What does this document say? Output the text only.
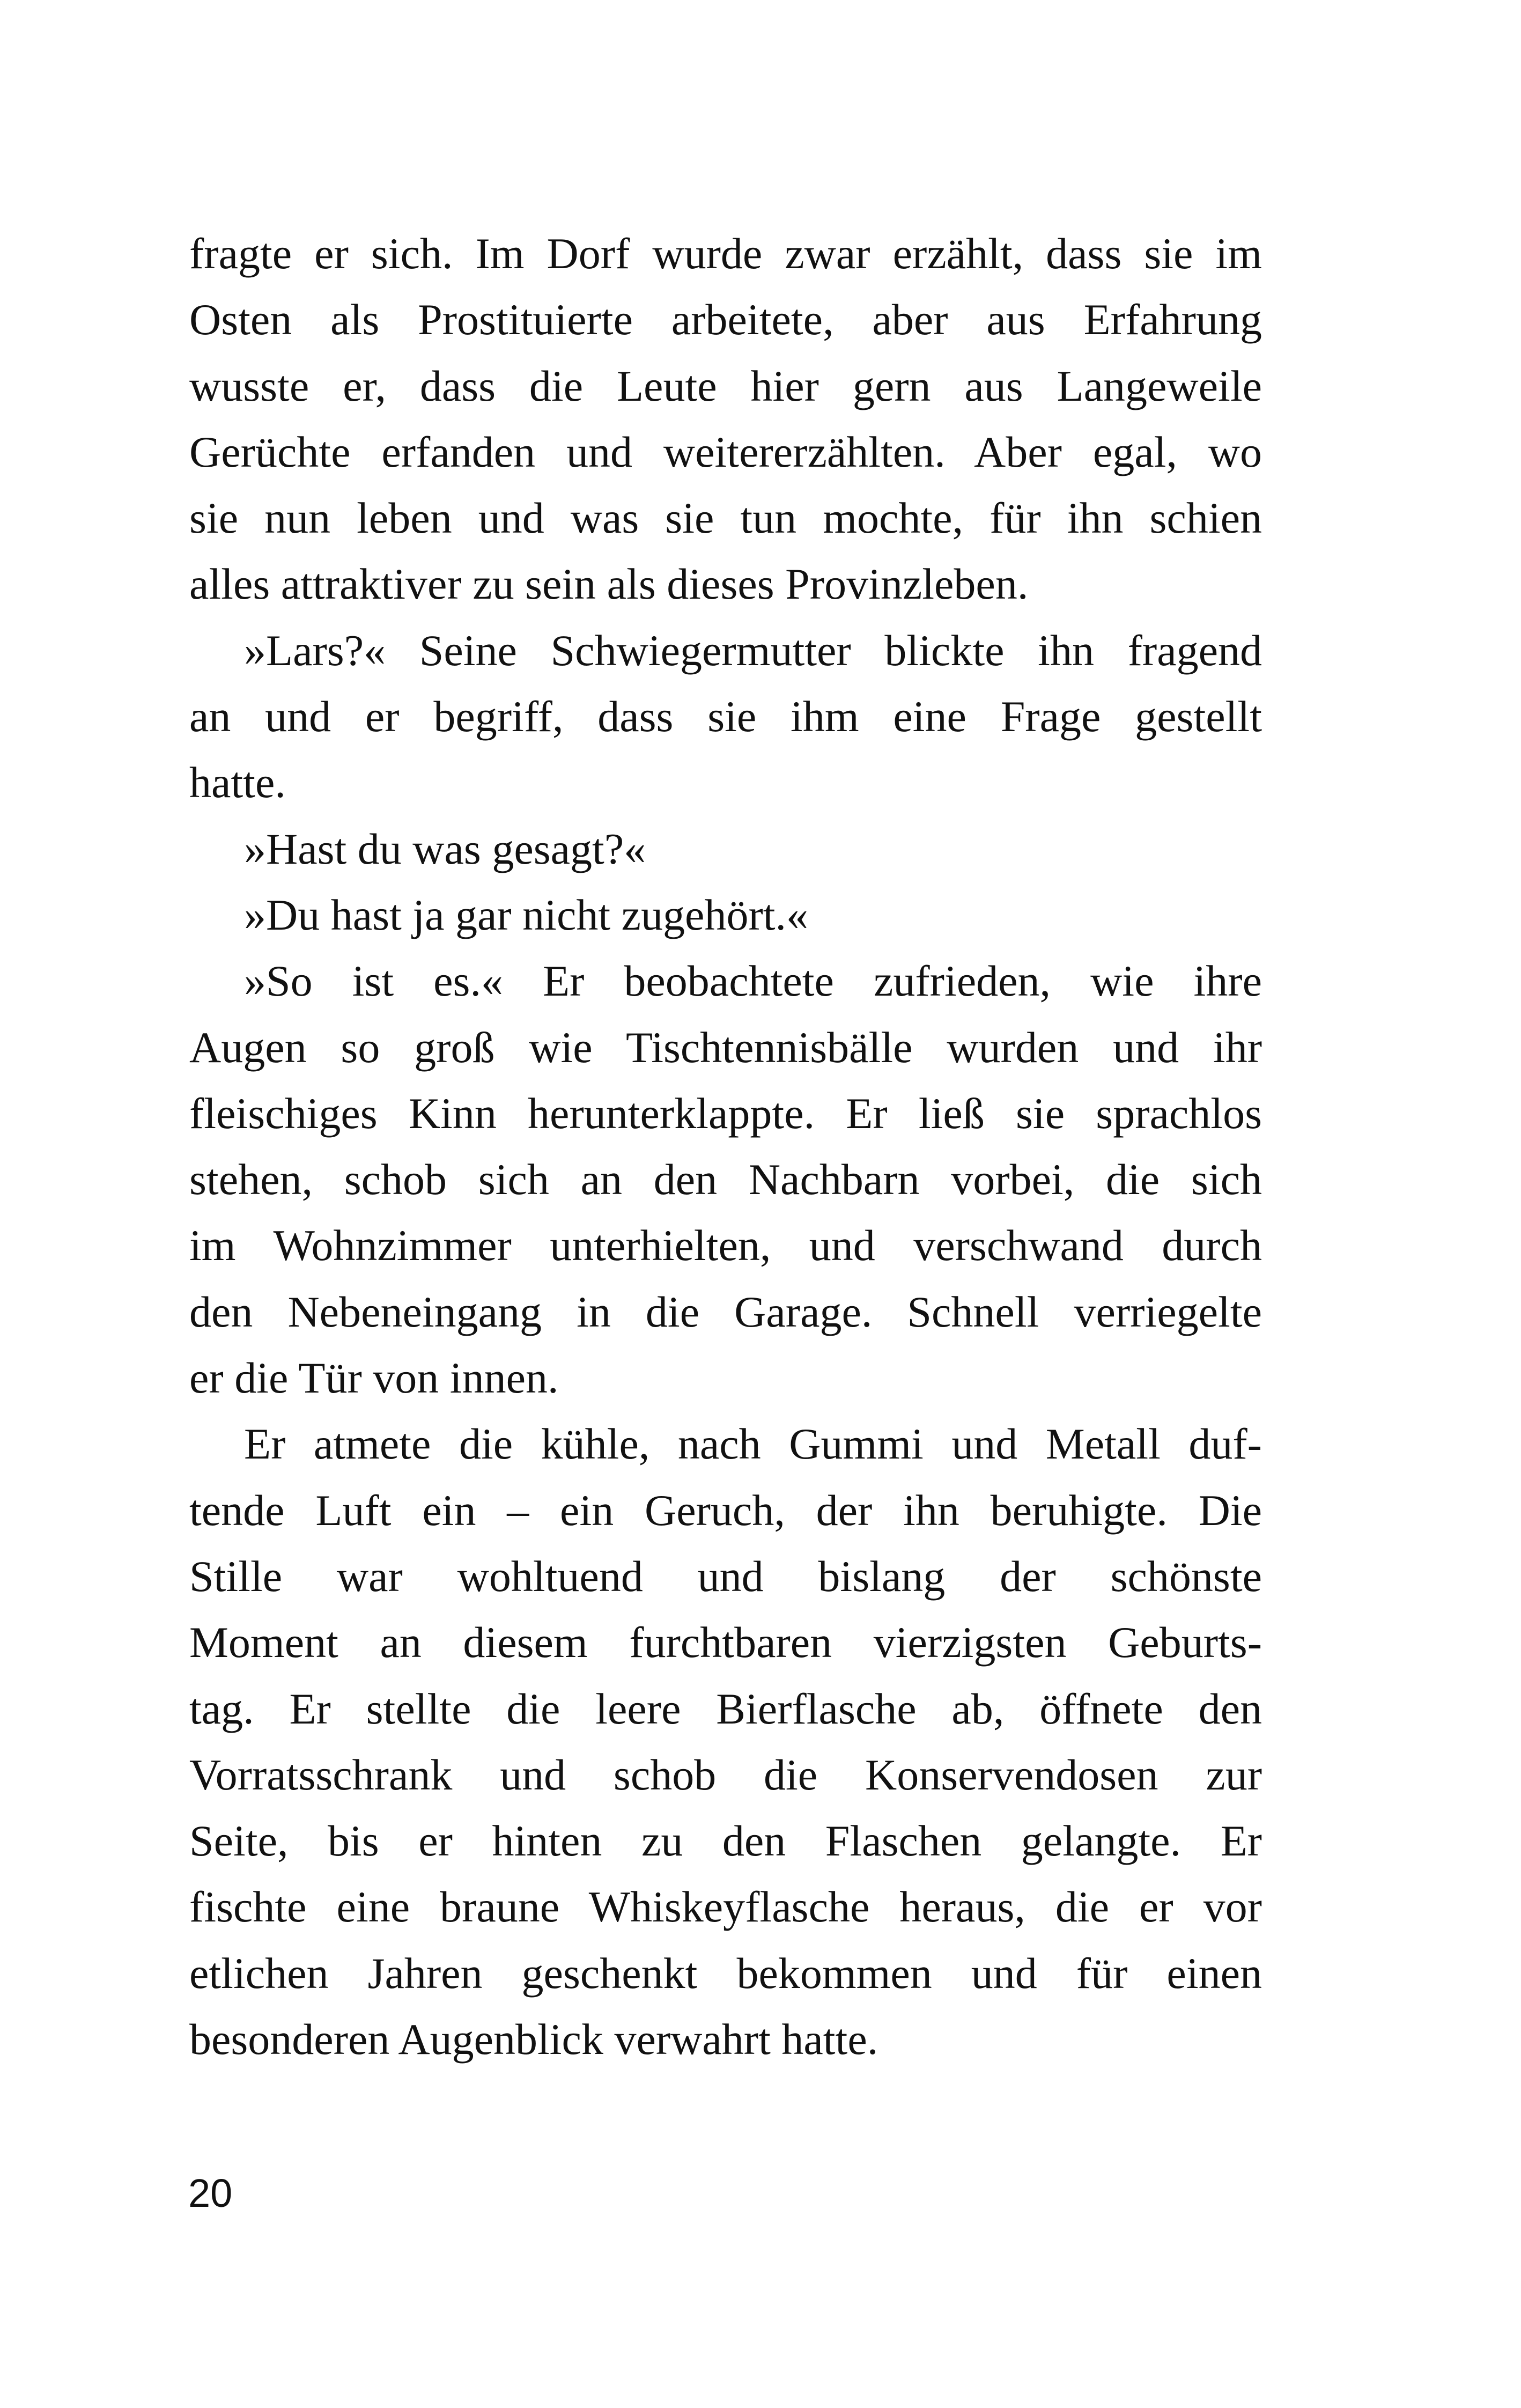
fragte er sich. Im Dorf wurde zwar erzählt, dass sie im
Osten als Prostituierte arbeitete, aber aus Erfahrung
wusste er, dass die Leute hier gern aus Langeweile
Gerüchte erfanden und weitererzählten. Aber egal, wo
sie nun leben und was sie tun mochte, für ihn schien
alles attraktiver zu sein als dieses Provinzleben.
»Lars?« Seine Schwiegermutter blickte ihn fragend
an und er begriff, dass sie ihm eine Frage gestellt
hatte.
»Hast du was gesagt?«
»Du hast ja gar nicht zugehört.«
»So ist es.« Er beobachtete zufrieden, wie ihre
Augen so groß wie Tischtennisbälle wurden und ihr
fleischiges Kinn herunterklappte. Er ließ sie sprachlos
stehen, schob sich an den Nachbarn vorbei, die sich
im Wohnzimmer unterhielten, und verschwand durch
den Nebeneingang in die Garage. Schnell verriegelte
er die Tür von innen.
Er atmete die kühle, nach Gummi und Metall duf-
tende Luft ein – ein Geruch, der ihn beruhigte. Die
Stille war wohltuend und bislang der schönste
Moment an diesem furchtbaren vierzigsten Geburts-
tag. Er stellte die leere Bierflasche ab, öffnete den
Vorratsschrank und schob die Konservendosen zur
Seite, bis er hinten zu den Flaschen gelangte. Er
fischte eine braune Whiskeyflasche heraus, die er vor
etlichen Jahren geschenkt bekommen und für einen
besonderen Augenblick verwahrt hatte.
20
